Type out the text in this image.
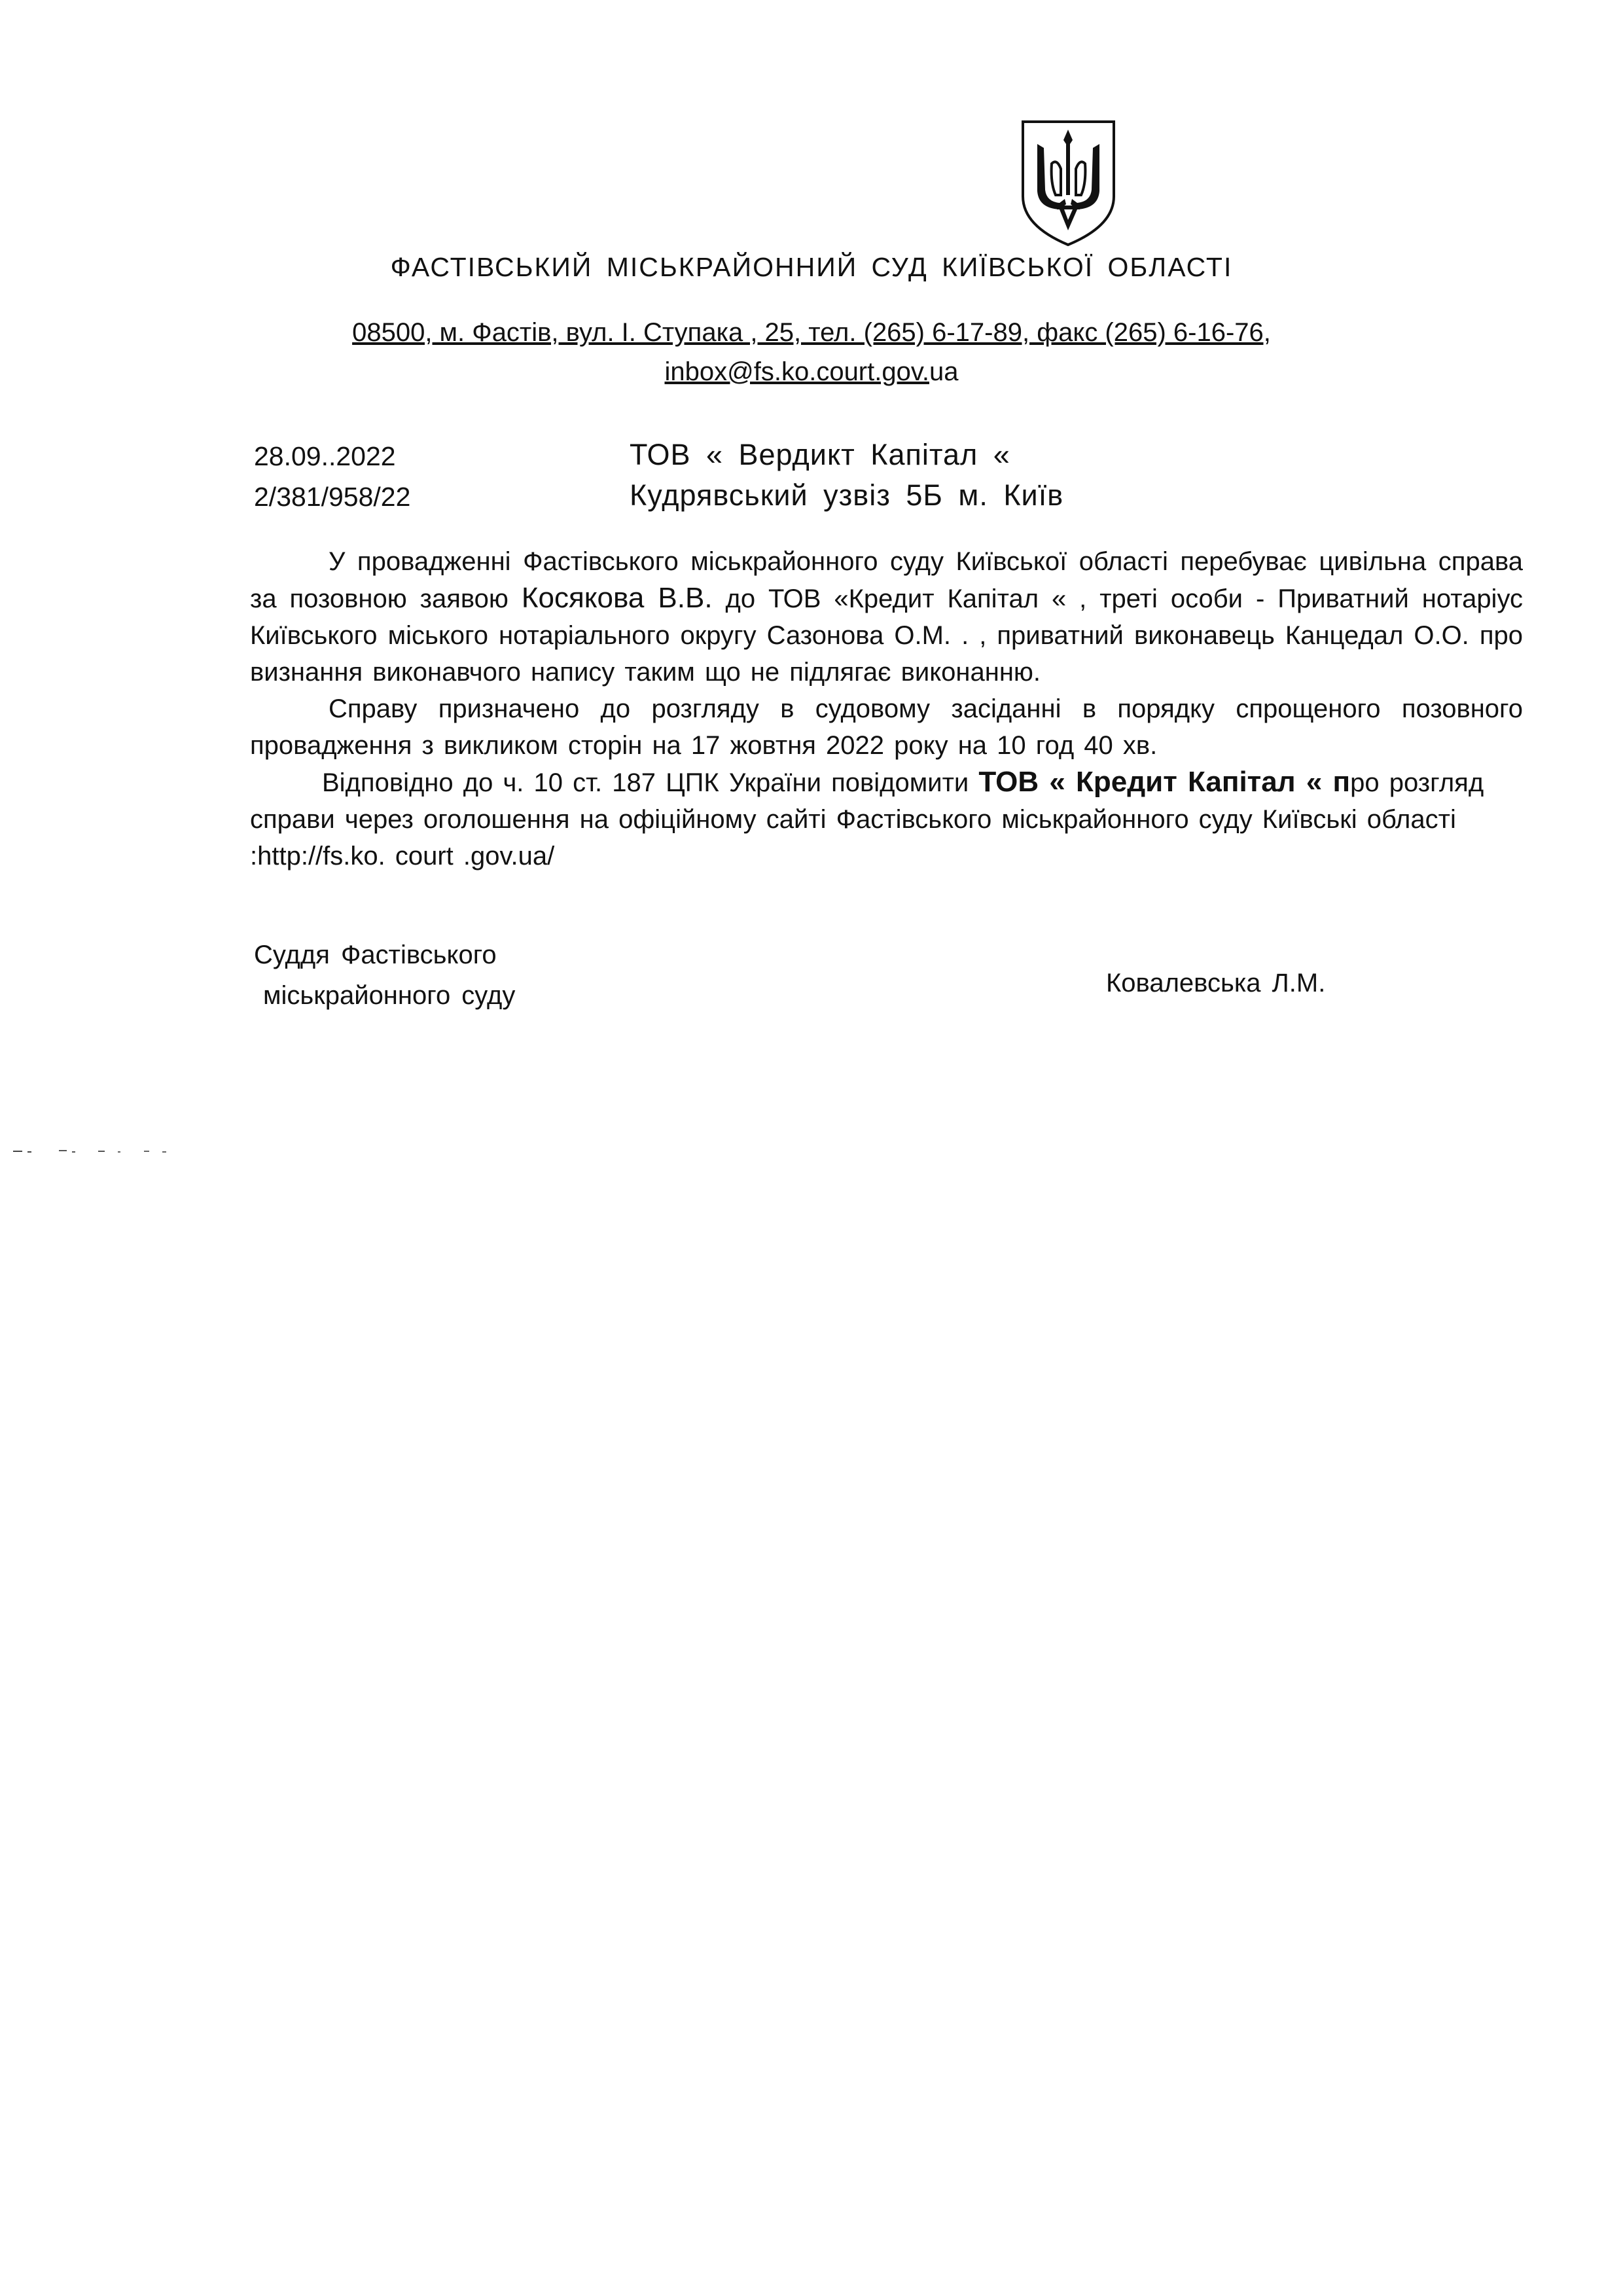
ФАСТІВСЬКИЙ МІСЬКРАЙОННИЙ СУД КИЇВСЬКОЇ ОБЛАСТІ
08500, м. Фастів, вул. І. Ступака , 25, тел. (265) 6-17-89, факс (265) 6-16-76,
inbox@fs.ko.court.gov.ua
28.09..2022
2/381/958/22
ТОВ « Вердикт Капітал «
Кудрявський узвіз 5Б м. Київ

У провадженні Фастівського міськрайонного суду Київської області перебуває цивільна справа за позовною заявою Косякова В.В. до ТОВ «Кредит Капітал « , треті особи - Приватний нотаріус Київського міського нотаріального округу Сазонова О.М. . , приватний виконавець Канцедал О.О. про визнання виконавчого напису таким що не підлягає виконанню.

Справу призначено до розгляду в судовому засіданні в порядку спрощеного позовного провадження з викликом сторін на 17 жовтня 2022 року на 10 год 40 хв.

Відповідно до ч. 10 ст. 187 ЦПК України повідомити ТОВ « Кредит Капітал « про розгляд справи через оголошення на офіційному сайті Фастівського міськрайонного суду Київські області :http://fs.ko. court .gov.ua/

Суддя Фастівського
міськрайонного суду	Ковалевська Л.М.
